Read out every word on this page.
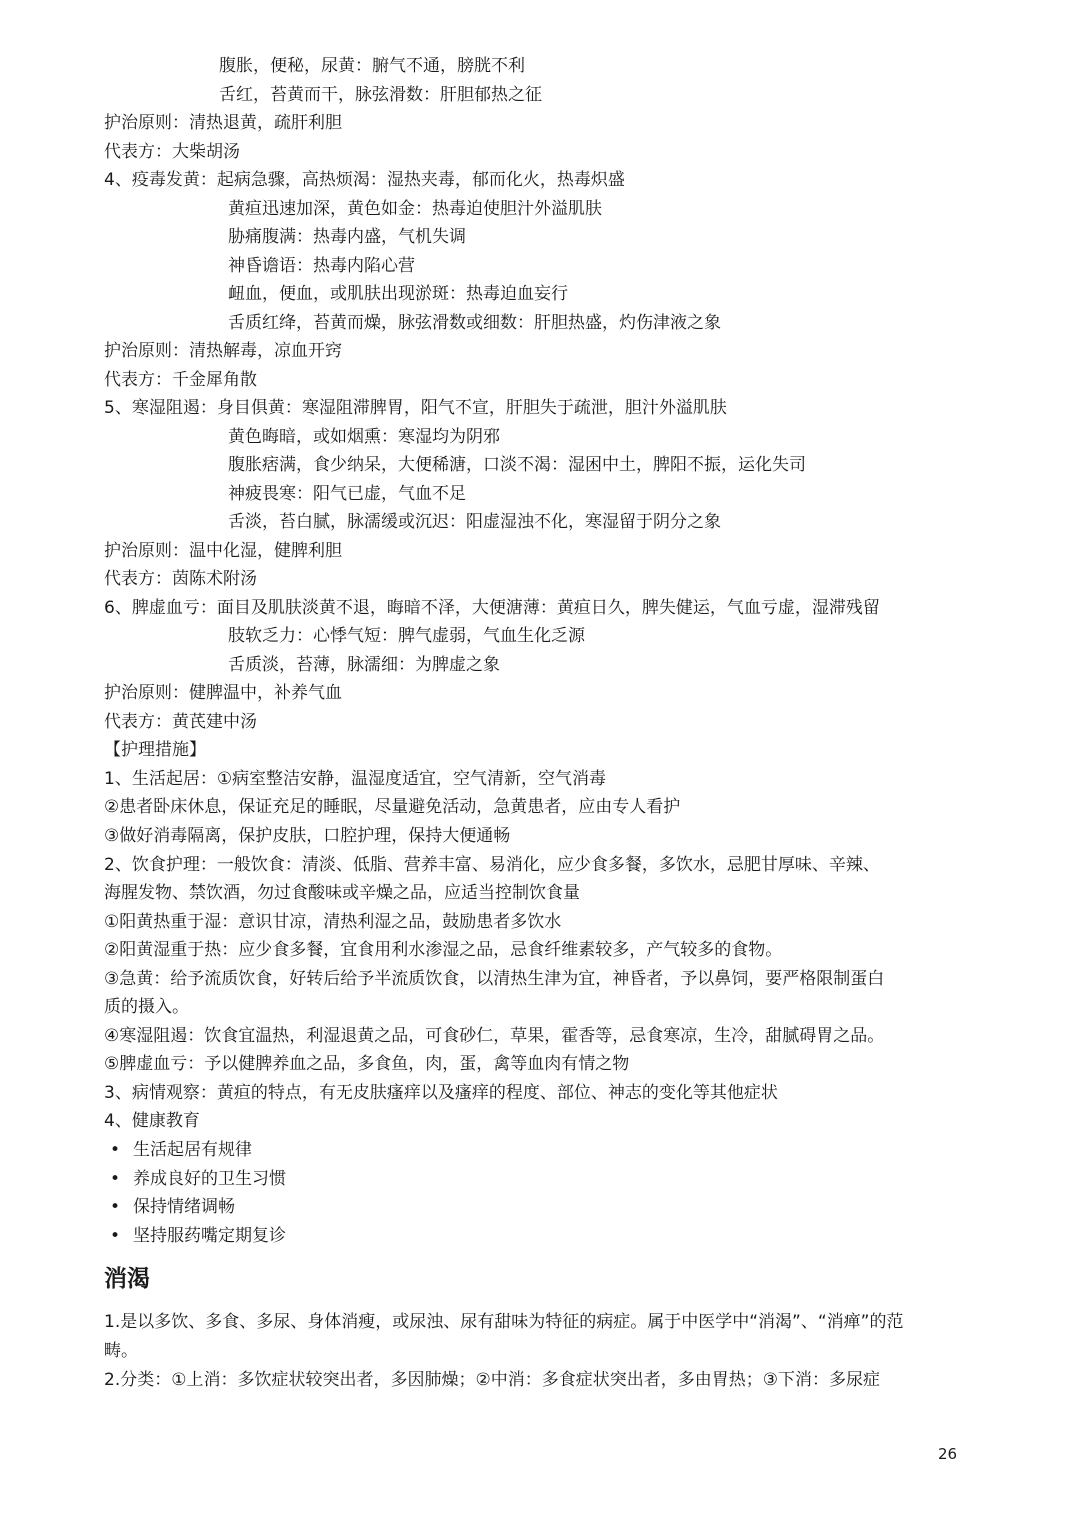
腹胀，便秘，尿黄：腑气不通，膀胱不利
舌红，苔黄而干，脉弦滑数：肝胆郁热之征
护治原则：清热退黄，疏肝利胆
代表方：大柴胡汤
4、疫毒发黄：起病急骤，高热烦渴：湿热夹毒，郁而化火，热毒炽盛
黄疸迅速加深，黄色如金：热毒迫使胆汁外溢肌肤
胁痛腹满：热毒内盛，气机失调
神昏谵语：热毒内陷心营
衄血，便血，或肌肤出现淤斑：热毒迫血妄行
舌质红绛，苔黄而燥，脉弦滑数或细数：肝胆热盛，灼伤津液之象
护治原则：清热解毒，凉血开窍
代表方：千金犀角散
5、寒湿阻遏：身目俱黄：寒湿阻滞脾胃，阳气不宣，肝胆失于疏泄，胆汁外溢肌肤
黄色晦暗，或如烟熏：寒湿均为阴邪
腹胀痞满，食少纳呆，大便稀溏，口淡不渴：湿困中土，脾阳不振，运化失司
神疲畏寒：阳气已虚，气血不足
舌淡，苔白腻，脉濡缓或沉迟：阳虚湿浊不化，寒湿留于阴分之象
护治原则：温中化湿，健脾利胆
代表方：茵陈术附汤
6、脾虚血亏：面目及肌肤淡黄不退，晦暗不泽，大便溏薄：黄疸日久，脾失健运，气血亏虚，湿滞残留
肢软乏力：心悸气短：脾气虚弱，气血生化乏源
舌质淡，苔薄，脉濡细：为脾虚之象
护治原则：健脾温中，补养气血
代表方：黄芪建中汤
【护理措施】
1、生活起居：①病室整洁安静，温湿度适宜，空气清新，空气消毒
②患者卧床休息，保证充足的睡眠，尽量避免活动，急黄患者，应由专人看护
③做好消毒隔离，保护皮肤，口腔护理，保持大便通畅
2、饮食护理：一般饮食：清淡、低脂、营养丰富、易消化，应少食多餐，多饮水，忌肥甘厚味、辛辣、
海腥发物、禁饮酒，勿过食酸味或辛燥之品，应适当控制饮食量
①阳黄热重于湿：意识甘凉，清热利湿之品，鼓励患者多饮水
②阳黄湿重于热：应少食多餐，宜食用利水渗湿之品，忌食纤维素较多，产气较多的食物。
③急黄：给予流质饮食，好转后给予半流质饮食，以清热生津为宜，神昏者，予以鼻饲，要严格限制蛋白
质的摄入。
④寒湿阻遏：饮食宜温热，利湿退黄之品，可食砂仁，草果，霍香等，忌食寒凉，生冷，甜腻碍胃之品。
⑤脾虚血亏：予以健脾养血之品，多食鱼，肉，蛋，禽等血肉有情之物
3、病情观察：黄疸的特点，有无皮肤瘙痒以及瘙痒的程度、部位、神志的变化等其他症状
4、健康教育
• 生活起居有规律
• 养成良好的卫生习惯
• 保持情绪调畅
• 坚持服药嘴定期复诊
消渴
1.是以多饮、多食、多尿、身体消瘦，或尿浊、尿有甜味为特征的病症。属于中医学中“消渴”、“消瘅”的范
畴。
2.分类：①上消：多饮症状较突出者，多因肺燥；②中消：多食症状突出者，多由胃热；③下消：多尿症
26
